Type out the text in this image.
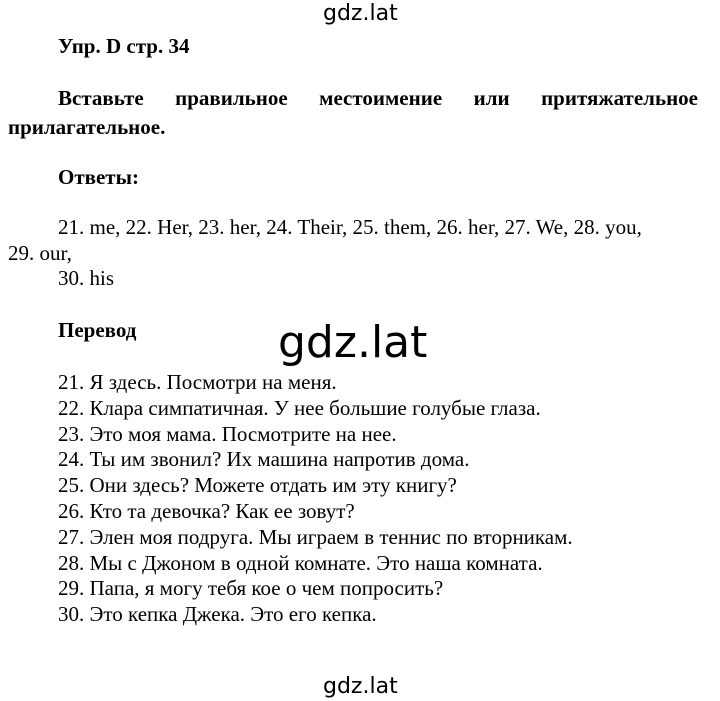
gdz.lat
Упр. D стр. 34
Вставьте правильное местоимение или притяжательное
прилагательное.
Ответы:
21. me, 22. Her, 23. her, 24. Their, 25. them, 26. her, 27. We, 28. you,
29. our,
30. his
Перевод	gdz.lat
21. Я здесь. Посмотри на меня.
22. Клара симпатичная. У нее большие голубые глаза.
23. Это моя мама. Посмотрите на нее.
24. Ты им звонил? Их машина напротив дома.
25. Они здесь? Можете отдать им эту книгу?
26. Кто та девочка? Как ее зовут?
27. Элен моя подруга. Мы играем в теннис по вторникам.
28. Мы с Джоном в одной комнате. Это наша комната.
29. Папа, я могу тебя кое о чем попросить?
30. Это кепка Джека. Это его кепка.
gdz.lat
